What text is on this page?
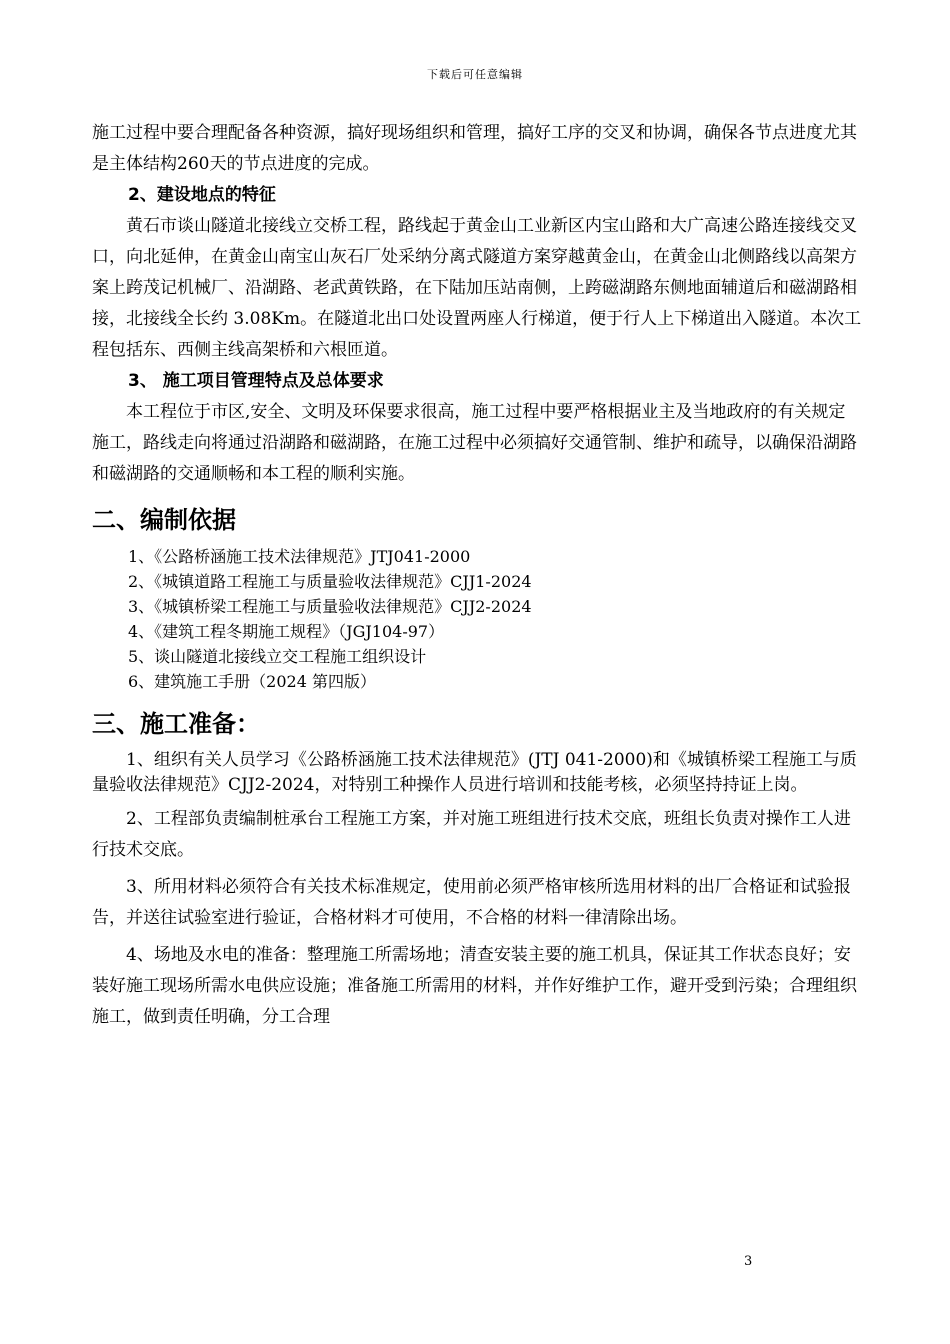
下载后可任意编辑

施工过程中要合理配备各种资源，搞好现场组织和管理，搞好工序的交叉和协调，确保各节点进度尤其是主体结构260天的节点进度的完成。

2、建设地点的特征

黄石市谈山隧道北接线立交桥工程，路线起于黄金山工业新区内宝山路和大广高速公路连接线交叉口，向北延伸，在黄金山南宝山灰石厂处采纳分离式隧道方案穿越黄金山，在黄金山北侧路线以高架方案上跨茂记机械厂、沿湖路、老武黄铁路，在下陆加压站南侧，上跨磁湖路东侧地面辅道后和磁湖路相接，北接线全长约 3.08Km。在隧道北出口处设置两座人行梯道，便于行人上下梯道出入隧道。本次工程包括东、西侧主线高架桥和六根匝道。

3、 施工项目管理特点及总体要求

本工程位于市区,安全、文明及环保要求很高，施工过程中要严格根据业主及当地政府的有关规定施工，路线走向将通过沿湖路和磁湖路，在施工过程中必须搞好交通管制、维护和疏导，以确保沿湖路和磁湖路的交通顺畅和本工程的顺利实施。

二、编制依据
1、《公路桥涵施工技术法律规范》JTJ041-2000
2、《城镇道路工程施工与质量验收法律规范》CJJ1-2024
3、《城镇桥梁工程施工与质量验收法律规范》CJJ2-2024
4、《建筑工程冬期施工规程》（JGJ104-97）
5、谈山隧道北接线立交工程施工组织设计
6、建筑施工手册（2024 第四版）
三、施工准备：

1、组织有关人员学习《公路桥涵施工技术法律规范》(JTJ 041-2000)和《城镇桥梁工程施工与质量验收法律规范》CJJ2-2024，对特别工种操作人员进行培训和技能考核，必须坚持持证上岗。

2、工程部负责编制桩承台工程施工方案，并对施工班组进行技术交底，班组长负责对操作工人进行技术交底。

3、所用材料必须符合有关技术标准规定，使用前必须严格审核所选用材料的出厂合格证和试验报告，并送往试验室进行验证，合格材料才可使用，不合格的材料一律清除出场。

4、场地及水电的准备：整理施工所需场地；清查安装主要的施工机具，保证其工作状态良好；安装好施工现场所需水电供应设施；准备施工所需用的材料，并作好维护工作，避开受到污染；合理组织施工，做到责任明确，分工合理

3
